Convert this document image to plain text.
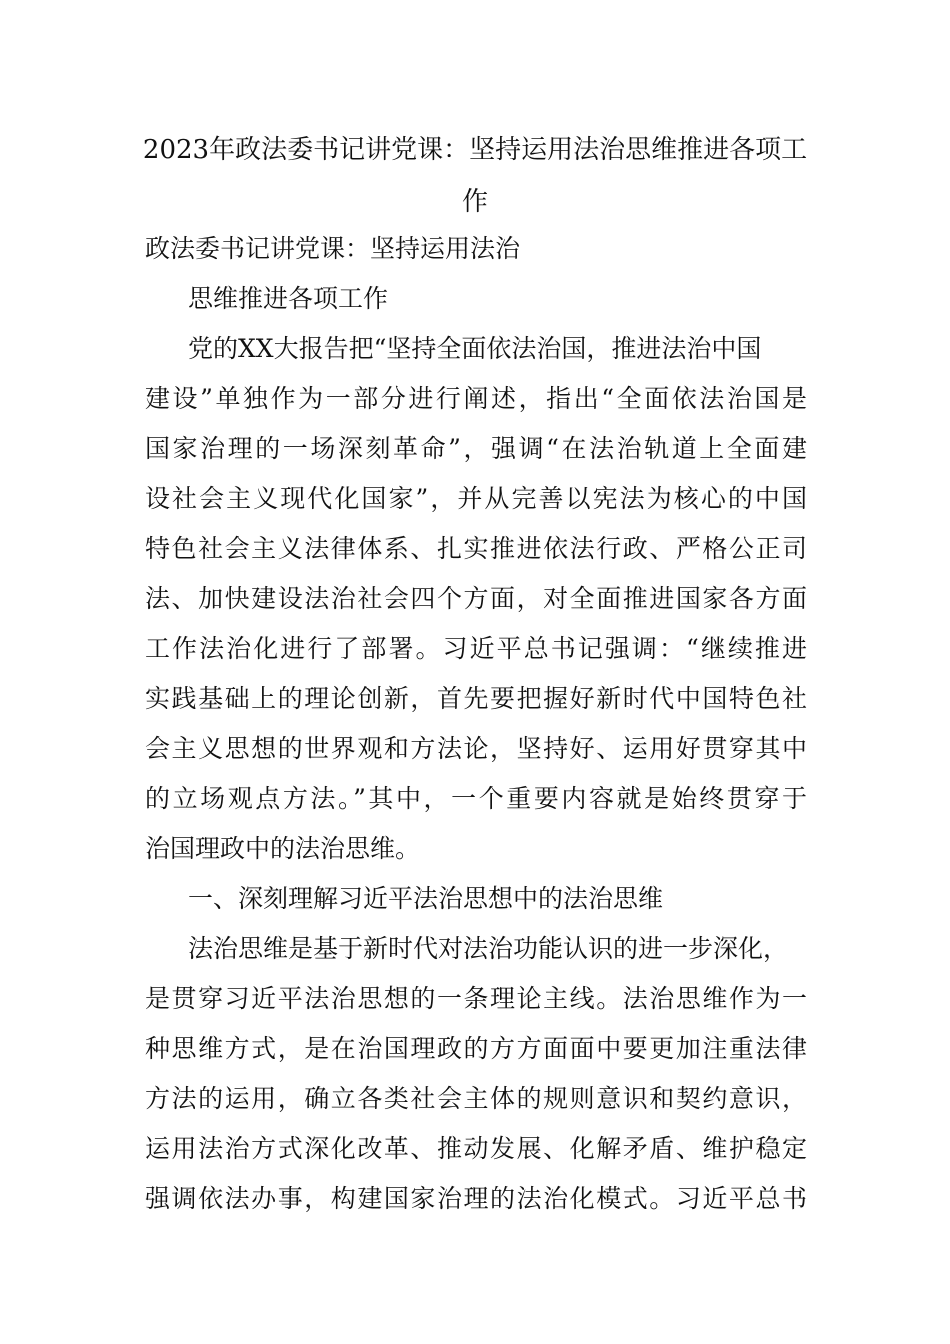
2023年政法委书记讲党课：坚持运用法治思维推进各项工
作

政法委书记讲党课：坚持运用法治

思维推进各项工作

党的XX大报告把“坚持全面依法治国，推进法治中国

建设”单独作为一部分进行阐述，指出“全面依法治国是

国家治理的一场深刻革命”，强调“在法治轨道上全面建

设社会主义现代化国家”，并从完善以宪法为核心的中国

特色社会主义法律体系、扎实推进依法行政、严格公正司

法、加快建设法治社会四个方面，对全面推进国家各方面

工作法治化进行了部署。习近平总书记强调：“继续推进

实践基础上的理论创新，首先要把握好新时代中国特色社

会主义思想的世界观和方法论，坚持好、运用好贯穿其中

的立场观点方法。”其中，一个重要内容就是始终贯穿于

治国理政中的法治思维。

一、深刻理解习近平法治思想中的法治思维

法治思维是基于新时代对法治功能认识的进一步深化，

是贯穿习近平法治思想的一条理论主线。法治思维作为一

种思维方式，是在治国理政的方方面面中要更加注重法律

方法的运用，确立各类社会主体的规则意识和契约意识，

运用法治方式深化改革、推动发展、化解矛盾、维护稳定

强调依法办事，构建国家治理的法治化模式。习近平总书
